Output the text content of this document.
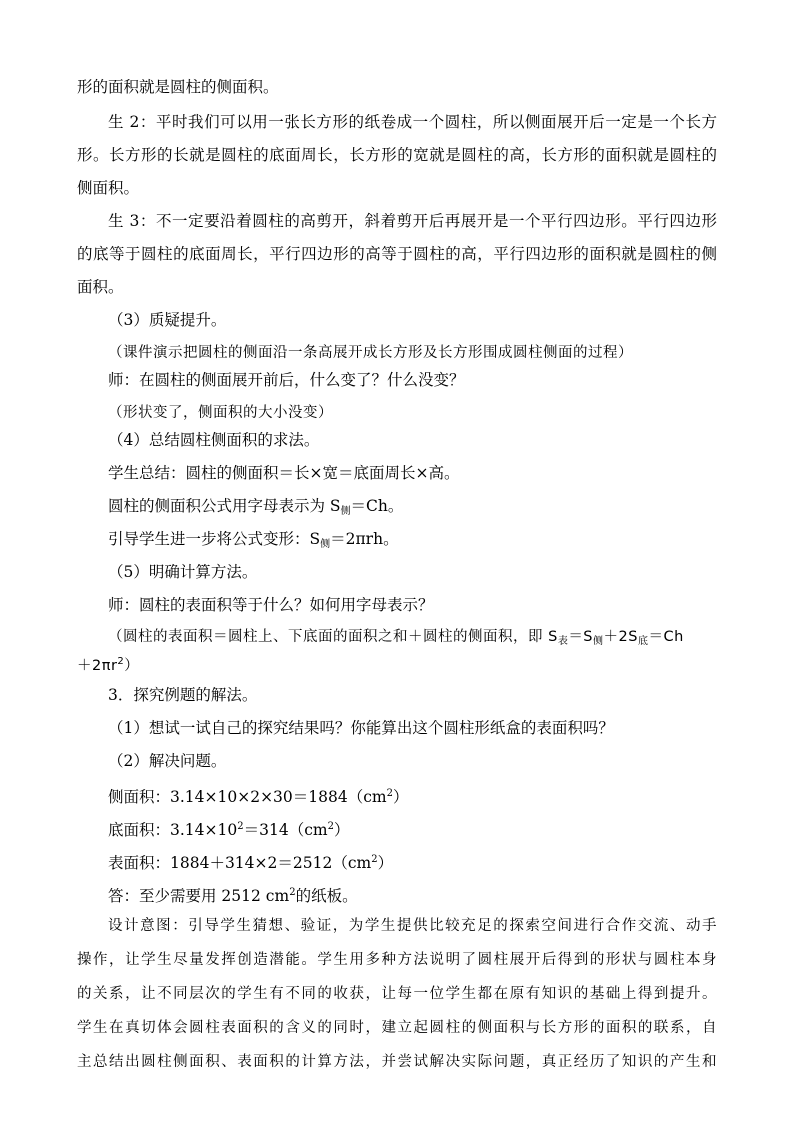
形的面积就是圆柱的侧面积。
生 2：平时我们可以用一张长方形的纸卷成一个圆柱，所以侧面展开后一定是一个长方
形。长方形的长就是圆柱的底面周长，长方形的宽就是圆柱的高，长方形的面积就是圆柱的
侧面积。
生 3：不一定要沿着圆柱的高剪开，斜着剪开后再展开是一个平行四边形。平行四边形
的底等于圆柱的底面周长，平行四边形的高等于圆柱的高，平行四边形的面积就是圆柱的侧
面积。
（3）质疑提升。
（课件演示把圆柱的侧面沿一条高展开成长方形及长方形围成圆柱侧面的过程）
师：在圆柱的侧面展开前后，什么变了？什么没变？
（形状变了，侧面积的大小没变）
（4）总结圆柱侧面积的求法。
学生总结：圆柱的侧面积＝长×宽＝底面周长×高。
圆柱的侧面积公式用字母表示为 $S_侧=Ch$。
引导学生进一步将公式变形：$S_侧=2\pi rh$。
（5）明确计算方法。
师：圆柱的表面积等于什么？如何用字母表示？
（圆柱的表面积＝圆柱上、下底面的面积之和＋圆柱的侧面积，即 $S_表=S_侧+2S_底=Ch$
$+2\pi r^2$）
3．探究例题的解法。
（1）想试一试自己的探究结果吗？你能算出这个圆柱形纸盒的表面积吗？
（2）解决问题。
侧面积：$3.14\times 10\times 2\times 30=1884(cm^2)$
底面积：$3.14\times 10^2=314(cm^2)$
表面积：$1884+314\times 2=2512(cm^2)$
答：至少需要用 2512 $cm^2$的纸板。
设计意图：引导学生猜想、验证，为学生提供比较充足的探索空间进行合作交流、动手
操作，让学生尽量发挥创造潜能。学生用多种方法说明了圆柱展开后得到的形状与圆柱本身
的关系，让不同层次的学生有不同的收获，让每一位学生都在原有知识的基础上得到提升。
学生在真切体会圆柱表面积的含义的同时，建立起圆柱的侧面积与长方形的面积的联系，自
主总结出圆柱侧面积、表面积的计算方法，并尝试解决实际问题，真正经历了知识的产生和
